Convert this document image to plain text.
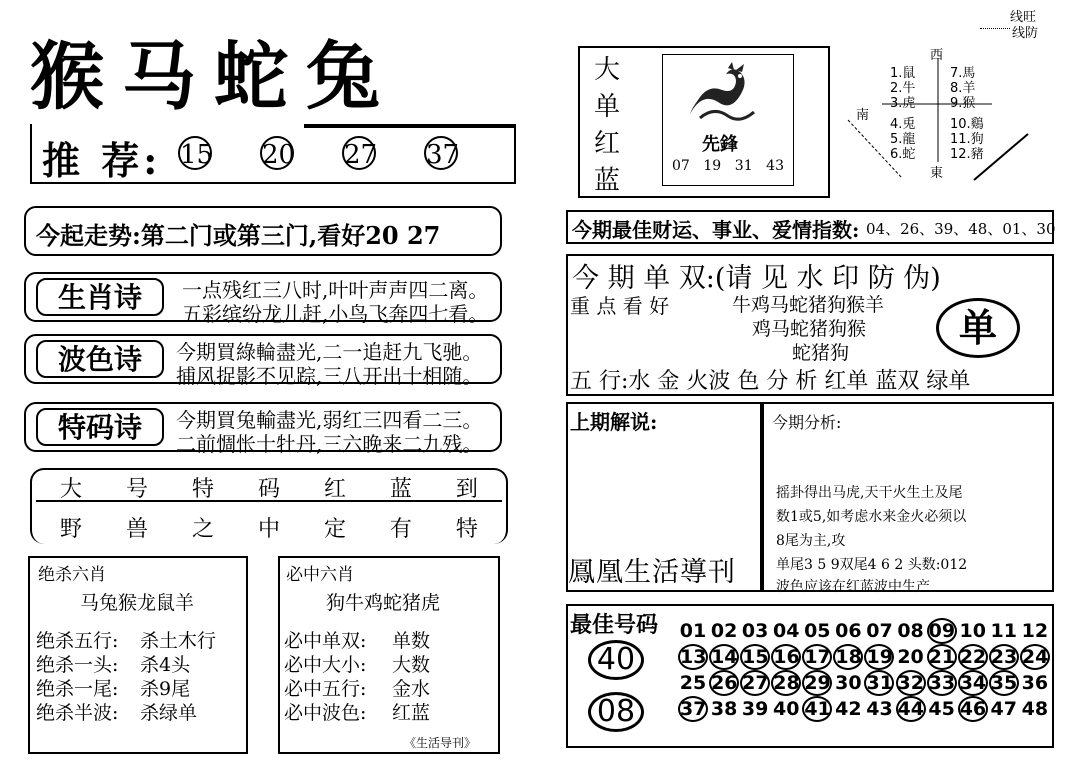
猴马蛇兔
推 荐: 15 20 27 37
今起走势:第二门或第三门,看好20 27
生肖诗	一点残红三八时,叶叶声声四二离。
五彩缤纷龙儿赶,小鸟飞奔四七看。
波色诗	今期買綠輪盡光,二一追赶九飞驰。
捕风捉影不见踪,三八开出十相随。
特码诗	今期買兔輸盡光,弱红三四看二三。
二前惆怅十牡丹,三六晚来二九残。
大 号 特 码 红 蓝 到
野 兽 之 中 定 有 特
绝杀六肖
马兔猴龙鼠羊
绝杀五行: 杀土木行
绝杀一头: 杀4头
绝杀一尾: 杀9尾
绝杀半波: 杀绿单
必中六肖
狗牛鸡蛇猪虎
必中单双: 单数
必中大小: 大数
必中五行: 金水
必中波色: 红蓝
《生活导刊》
大
单
红
蓝
先鋒
07 19 31 43
线旺
线防
西
南
東
1.鼠
2.牛
3.虎
4.兎
5.龍
6.蛇
7.馬
8.羊
9.猴
10.鷄
11.狗
12.豬
今期最佳财运、事业、爱情指数: 04、26、39、48、01、30
今 期 单 双:(请 见 水 印 防 伪)
重 点 看 好	牛鸡马蛇猪狗猴羊
鸡马蛇猪狗猴
蛇猪狗
单
五 行:水 金 火波 色 分 析 红单 蓝双 绿单
上期解说:	今期分析:
摇卦得出马虎,天干火生土及尾
数1或5,如考虑水来金火必须以
8尾为主,攻
单尾3 5 9双尾4 6 2 头数:012
波色应该在红蓝波中生产
鳳凰生活導刊
最佳号码
40
08
01 02 03 04 05 06 07 08 09 10 11 12
13 14 15 16 17 18 19 20 21 22 23 24
25 26 27 28 29 30 31 32 33 34 35 36
37 38 39 40 41 42 43 44 45 46 47 48
